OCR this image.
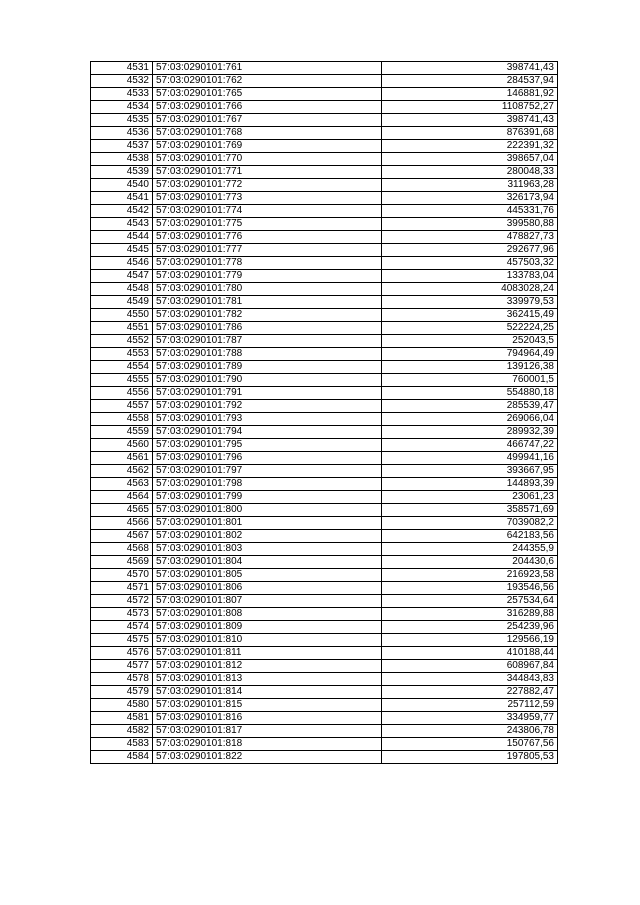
4531	57:03:0290101:761	398741,43
4532	57:03:0290101:762	284537,94
4533	57:03:0290101:765	146881,92
4534	57:03:0290101:766	1108752,27
4535	57:03:0290101:767	398741,43
4536	57:03:0290101:768	876391,68
4537	57:03:0290101:769	222391,32
4538	57:03:0290101:770	398657,04
4539	57:03:0290101:771	280048,33
4540	57:03:0290101:772	311963,28
4541	57:03:0290101:773	326173,94
4542	57:03:0290101:774	445331,76
4543	57:03:0290101:775	399580,88
4544	57:03:0290101:776	478827,73
4545	57:03:0290101:777	292677,96
4546	57:03:0290101:778	457503,32
4547	57:03:0290101:779	133783,04
4548	57:03:0290101:780	4083028,24
4549	57:03:0290101:781	339979,53
4550	57:03:0290101:782	362415,49
4551	57:03:0290101:786	522224,25
4552	57:03:0290101:787	252043,5
4553	57:03:0290101:788	794964,49
4554	57:03:0290101:789	139126,38
4555	57:03:0290101:790	760001,5
4556	57:03:0290101:791	554880,18
4557	57:03:0290101:792	285539,47
4558	57:03:0290101:793	269066,04
4559	57:03:0290101:794	289932,39
4560	57:03:0290101:795	466747,22
4561	57:03:0290101:796	499941,16
4562	57:03:0290101:797	393667,95
4563	57:03:0290101:798	144893,39
4564	57:03:0290101:799	23061,23
4565	57:03:0290101:800	358571,69
4566	57:03:0290101:801	7039082,2
4567	57:03:0290101:802	642183,56
4568	57:03:0290101:803	244355,9
4569	57:03:0290101:804	204430,6
4570	57:03:0290101:805	216923,58
4571	57:03:0290101:806	193546,56
4572	57:03:0290101:807	257534,64
4573	57:03:0290101:808	316289,88
4574	57:03:0290101:809	254239,96
4575	57:03:0290101:810	129566,19
4576	57:03:0290101:811	410188,44
4577	57:03:0290101:812	608967,84
4578	57:03:0290101:813	344843,83
4579	57:03:0290101:814	227882,47
4580	57:03:0290101:815	257112,59
4581	57:03:0290101:816	334959,77
4582	57:03:0290101:817	243806,78
4583	57:03:0290101:818	150767,56
4584	57:03:0290101:822	197805,53
